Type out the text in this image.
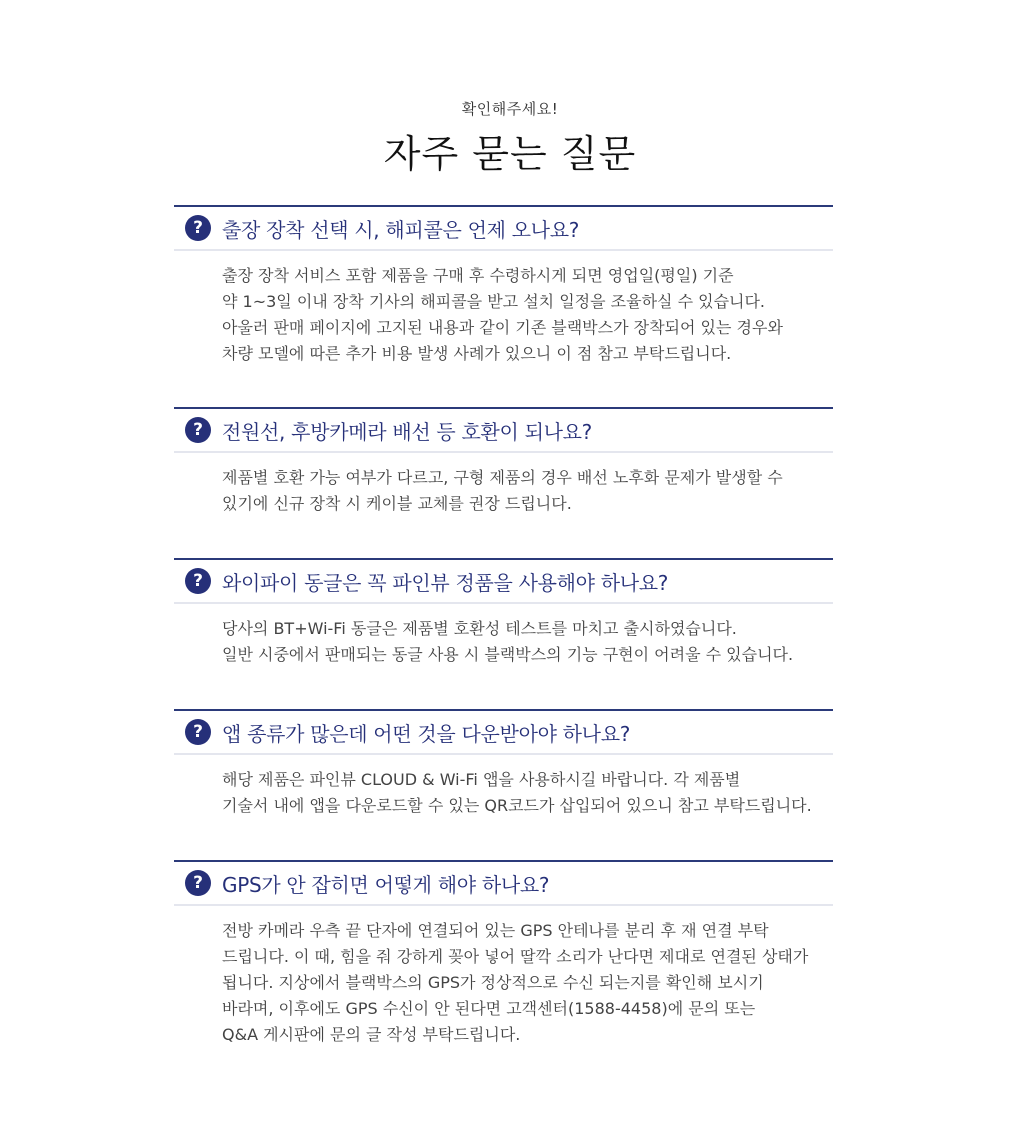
확인해주세요!
자주 묻는 질문
? 출장 장착 선택 시, 해피콜은 언제 오나요?
출장 장착 서비스 포함 제품을 구매 후 수령하시게 되면 영업일(평일) 기준
약 1~3일 이내 장착 기사의 해피콜을 받고 설치 일정을 조율하실 수 있습니다.
아울러 판매 페이지에 고지된 내용과 같이 기존 블랙박스가 장착되어 있는 경우와
차량 모델에 따른 추가 비용 발생 사례가 있으니 이 점 참고 부탁드립니다.
? 전원선, 후방카메라 배선 등 호환이 되나요?
제품별 호환 가능 여부가 다르고, 구형 제품의 경우 배선 노후화 문제가 발생할 수
있기에 신규 장착 시 케이블 교체를 권장 드립니다.
? 와이파이 동글은 꼭 파인뷰 정품을 사용해야 하나요?
당사의 BT+Wi-Fi 동글은 제품별 호환성 테스트를 마치고 출시하였습니다.
일반 시중에서 판매되는 동글 사용 시 블랙박스의 기능 구현이 어려울 수 있습니다.
? 앱 종류가 많은데 어떤 것을 다운받아야 하나요?
해당 제품은 파인뷰 CLOUD & Wi-Fi 앱을 사용하시길 바랍니다. 각 제품별
기술서 내에 앱을 다운로드할 수 있는 QR코드가 삽입되어 있으니 참고 부탁드립니다.
? GPS가 안 잡히면 어떻게 해야 하나요?
전방 카메라 우측 끝 단자에 연결되어 있는 GPS 안테나를 분리 후 재 연결 부탁
드립니다. 이 때, 힘을 줘 강하게 꽂아 넣어 딸깍 소리가 난다면 제대로 연결된 상태가
됩니다. 지상에서 블랙박스의 GPS가 정상적으로 수신 되는지를 확인해 보시기
바라며, 이후에도 GPS 수신이 안 된다면 고객센터(1588-4458)에 문의 또는
Q&A 게시판에 문의 글 작성 부탁드립니다.
